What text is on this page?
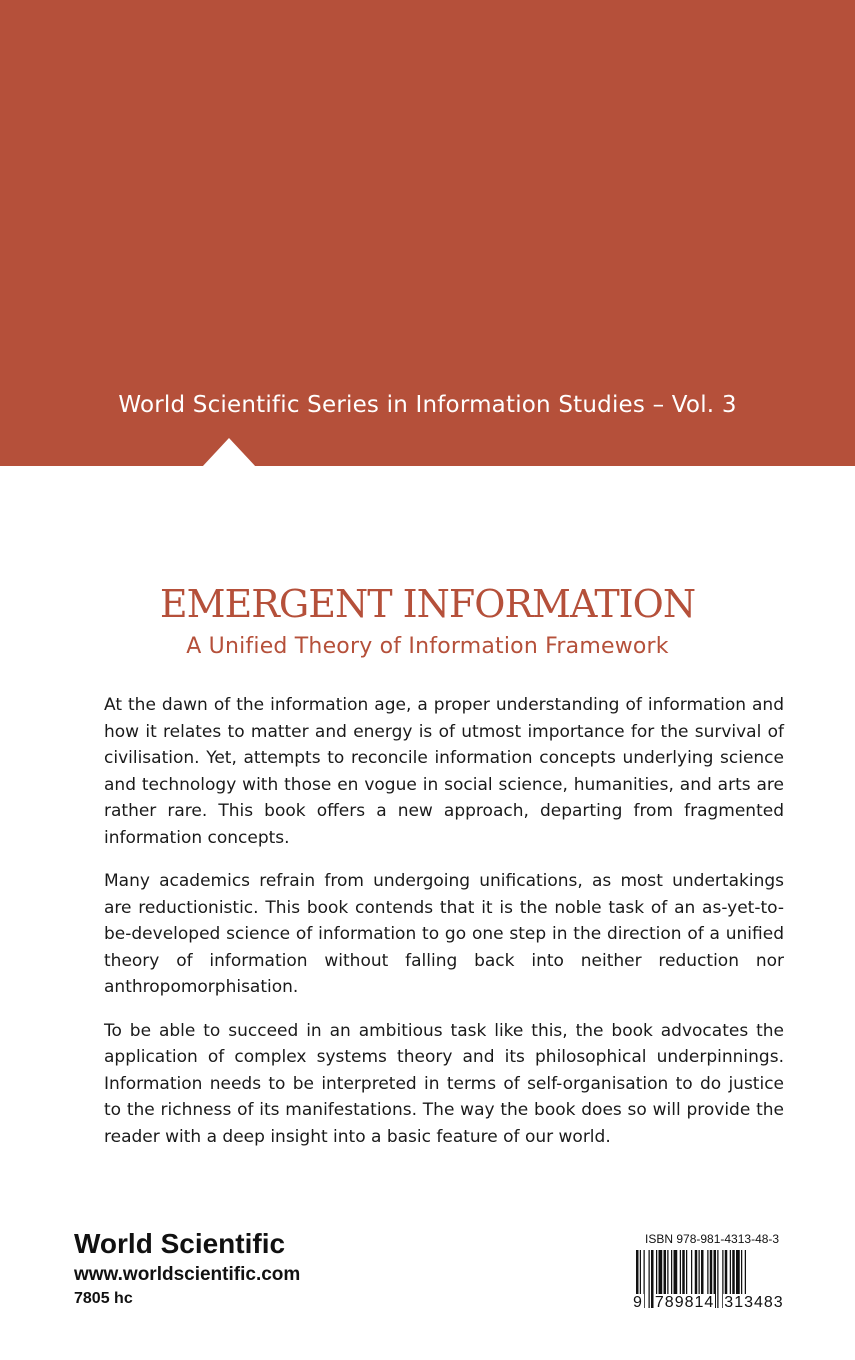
World Scientific Series in Information Studies – Vol. 3
EMERGENT INFORMATION
A Unified Theory of Information Framework

At the dawn of the information age, a proper understanding of information and how it relates to matter and energy is of utmost importance for the survival of civilisation. Yet, attempts to reconcile information concepts underlying science and technology with those en vogue in social science, humanities, and arts are rather rare. This book offers a new approach, departing from fragmented information concepts.

Many academics refrain from undergoing unifications, as most undertakings are reductionistic. This book contends that it is the noble task of an as-yet-to-be-developed science of information to go one step in the direction of a unified theory of information without falling back into neither reduction nor anthropomorphisation.

To be able to succeed in an ambitious task like this, the book advocates the application of complex systems theory and its philosophical underpinnings. Information needs to be interpreted in terms of self-organisation to do justice to the richness of its manifestations. The way the book does so will provide the reader with a deep insight into a basic feature of our world.

World Scientific
www.worldscientific.com
7805 hc
ISBN 978-981-4313-48-3
9 789814 313483
